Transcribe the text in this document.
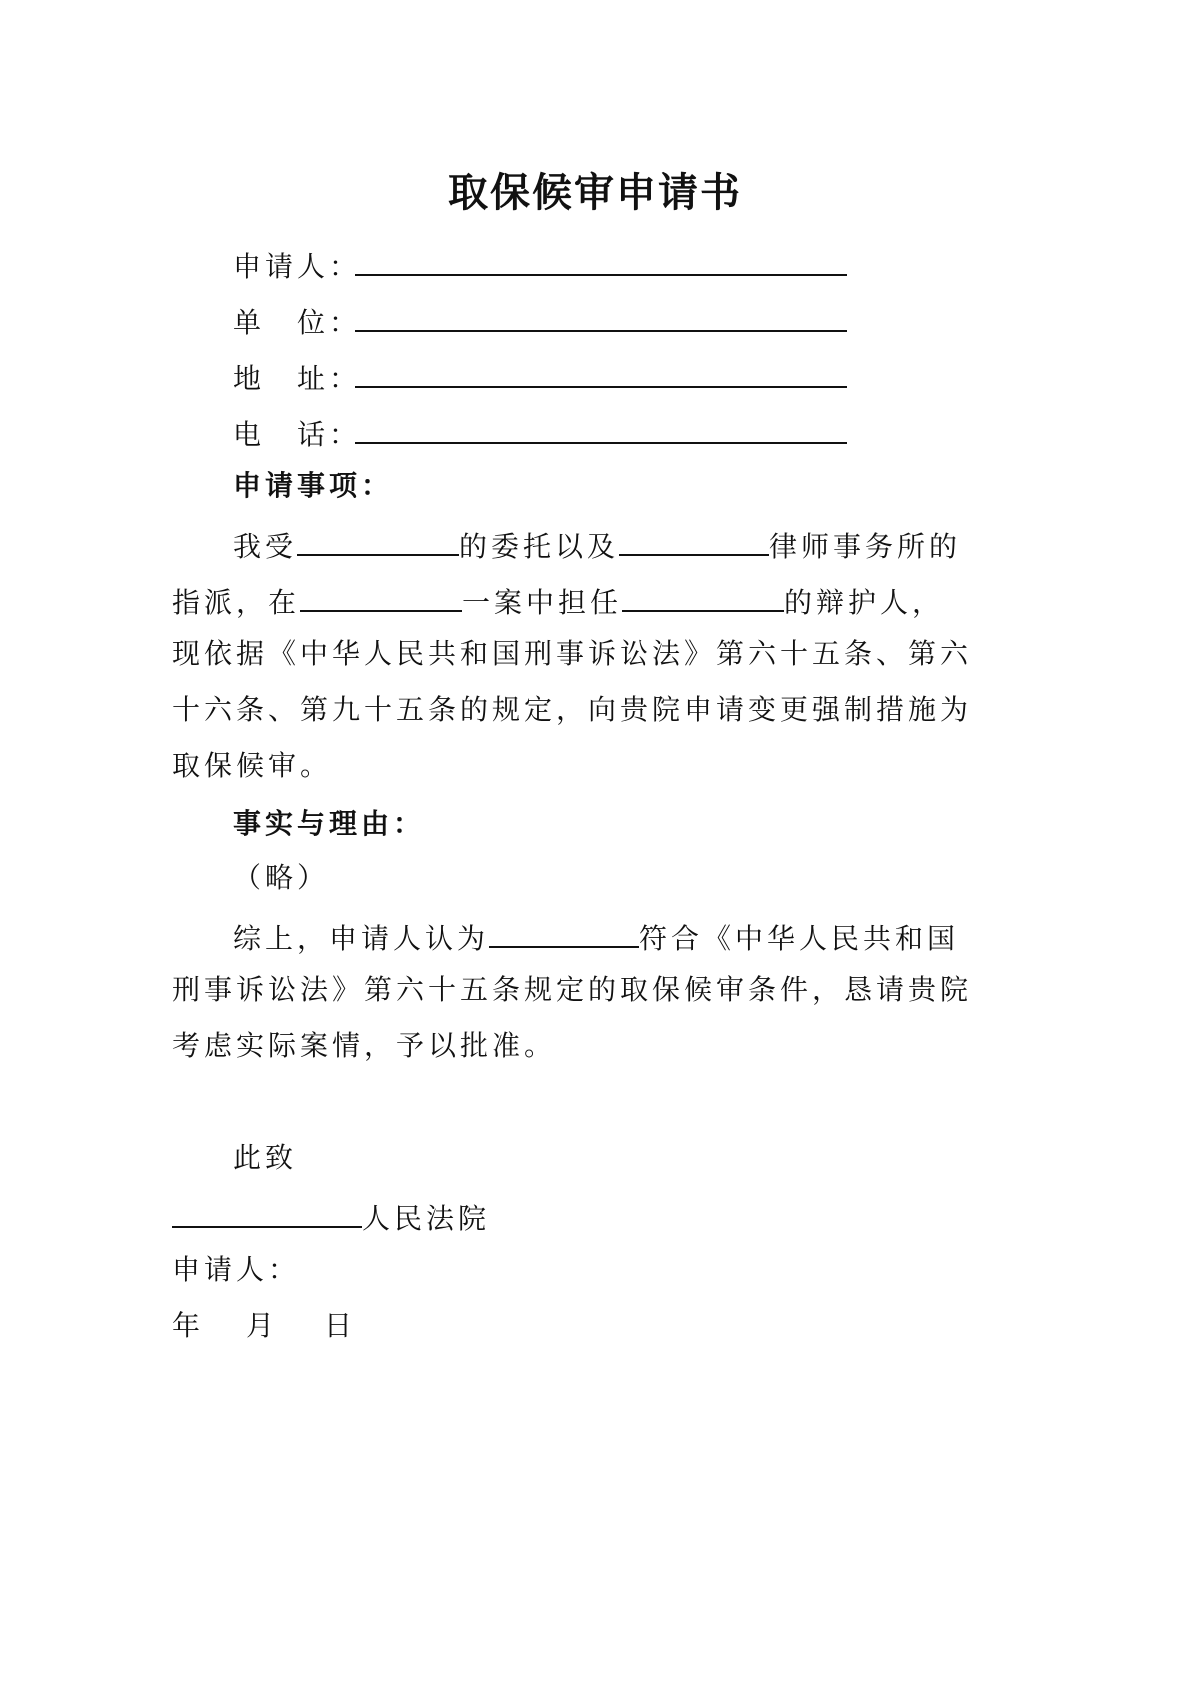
取保候审申请书
申请人：
单　位：
地　址：
电　话：
申请事项：
我受	的委托以及	律师事务所的
指派，在	一案中担任	的辩护人，
现依据《中华人民共和国刑事诉讼法》第六十五条、第六
十六条、第九十五条的规定，向贵院申请变更强制措施为
取保候审。
事实与理由：
（略）
综上，申请人认为	符合《中华人民共和国
刑事诉讼法》第六十五条规定的取保候审条件，恳请贵院
考虑实际案情，予以批准。
此致
人民法院
申请人：
年 月 日
